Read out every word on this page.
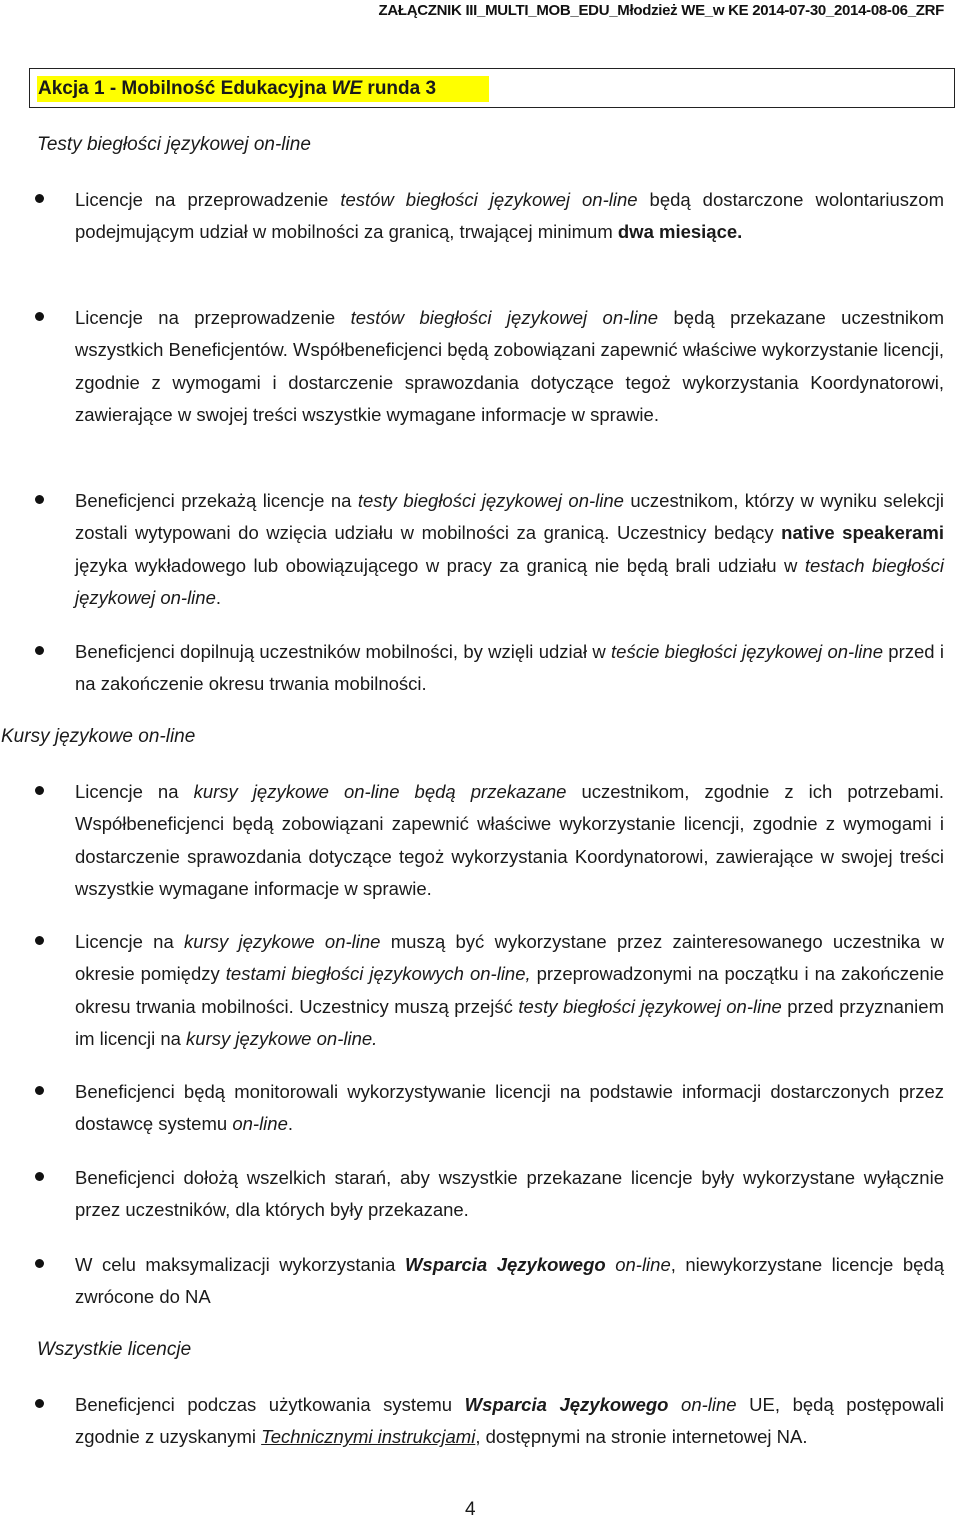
ZAŁĄCZNIK III_MULTI_MOB_EDU_Młodzież WE_w KE 2014-07-30_2014-08-06_ZRF
Akcja 1 - Mobilność Edukacyjna WE runda 3
Testy biegłości językowej on-line
Licencje na przeprowadzenie testów biegłości językowej on-line będą dostarczone wolontariuszom podejmującym udział w mobilności za granicą, trwającej minimum dwa miesiące.
Licencje na przeprowadzenie testów biegłości językowej on-line będą przekazane uczestnikom wszystkich Beneficjentów. Współbeneficjenci będą zobowiązani zapewnić właściwe wykorzystanie licencji, zgodnie z wymogami i dostarczenie sprawozdania dotyczące tegoż wykorzystania Koordynatorowi, zawierające w swojej treści wszystkie wymagane informacje w sprawie.
Beneficjenci przekażą licencje na testy biegłości językowej on-line uczestnikom, którzy w wyniku selekcji zostali wytypowani do wzięcia udziału w mobilności za granicą. Uczestnicy bedący native speakerami języka wykładowego lub obowiązującego w pracy za granicą nie będą brali udziału w testach biegłości językowej on-line.
Beneficjenci dopilnują uczestników mobilności, by wzięli udział w teście biegłości językowej on-line przed i na zakończenie okresu trwania mobilności.
Kursy językowe on-line
Licencje na kursy językowe on-line będą przekazane uczestnikom, zgodnie z ich potrzebami. Współbeneficjenci będą zobowiązani zapewnić właściwe wykorzystanie licencji, zgodnie z wymogami i dostarczenie sprawozdania dotyczące tegoż wykorzystania Koordynatorowi, zawierające w swojej treści wszystkie wymagane informacje w sprawie.
Licencje na kursy językowe on-line muszą być wykorzystane przez zainteresowanego uczestnika w okresie pomiędzy testami biegłości językowych on-line, przeprowadzonymi na początku i na zakończenie okresu trwania mobilności. Uczestnicy muszą przejść testy biegłości językowej on-line przed przyznaniem im licencji na kursy językowe on-line.
Beneficjenci będą monitorowali wykorzystywanie licencji na podstawie informacji dostarczonych przez dostawcę systemu on-line.
Beneficjenci dołożą wszelkich starań, aby wszystkie przekazane licencje były wykorzystane wyłącznie przez uczestników, dla których były przekazane.
W celu maksymalizacji wykorzystania Wsparcia Językowego on-line, niewykorzystane licencje będą zwrócone do NA
Wszystkie licencje
Beneficjenci podczas użytkowania systemu Wsparcia Językowego on-line UE, będą postępowali zgodnie z uzyskanymi Technicznymi instrukcjami, dostępnymi na stronie internetowej NA.
4
